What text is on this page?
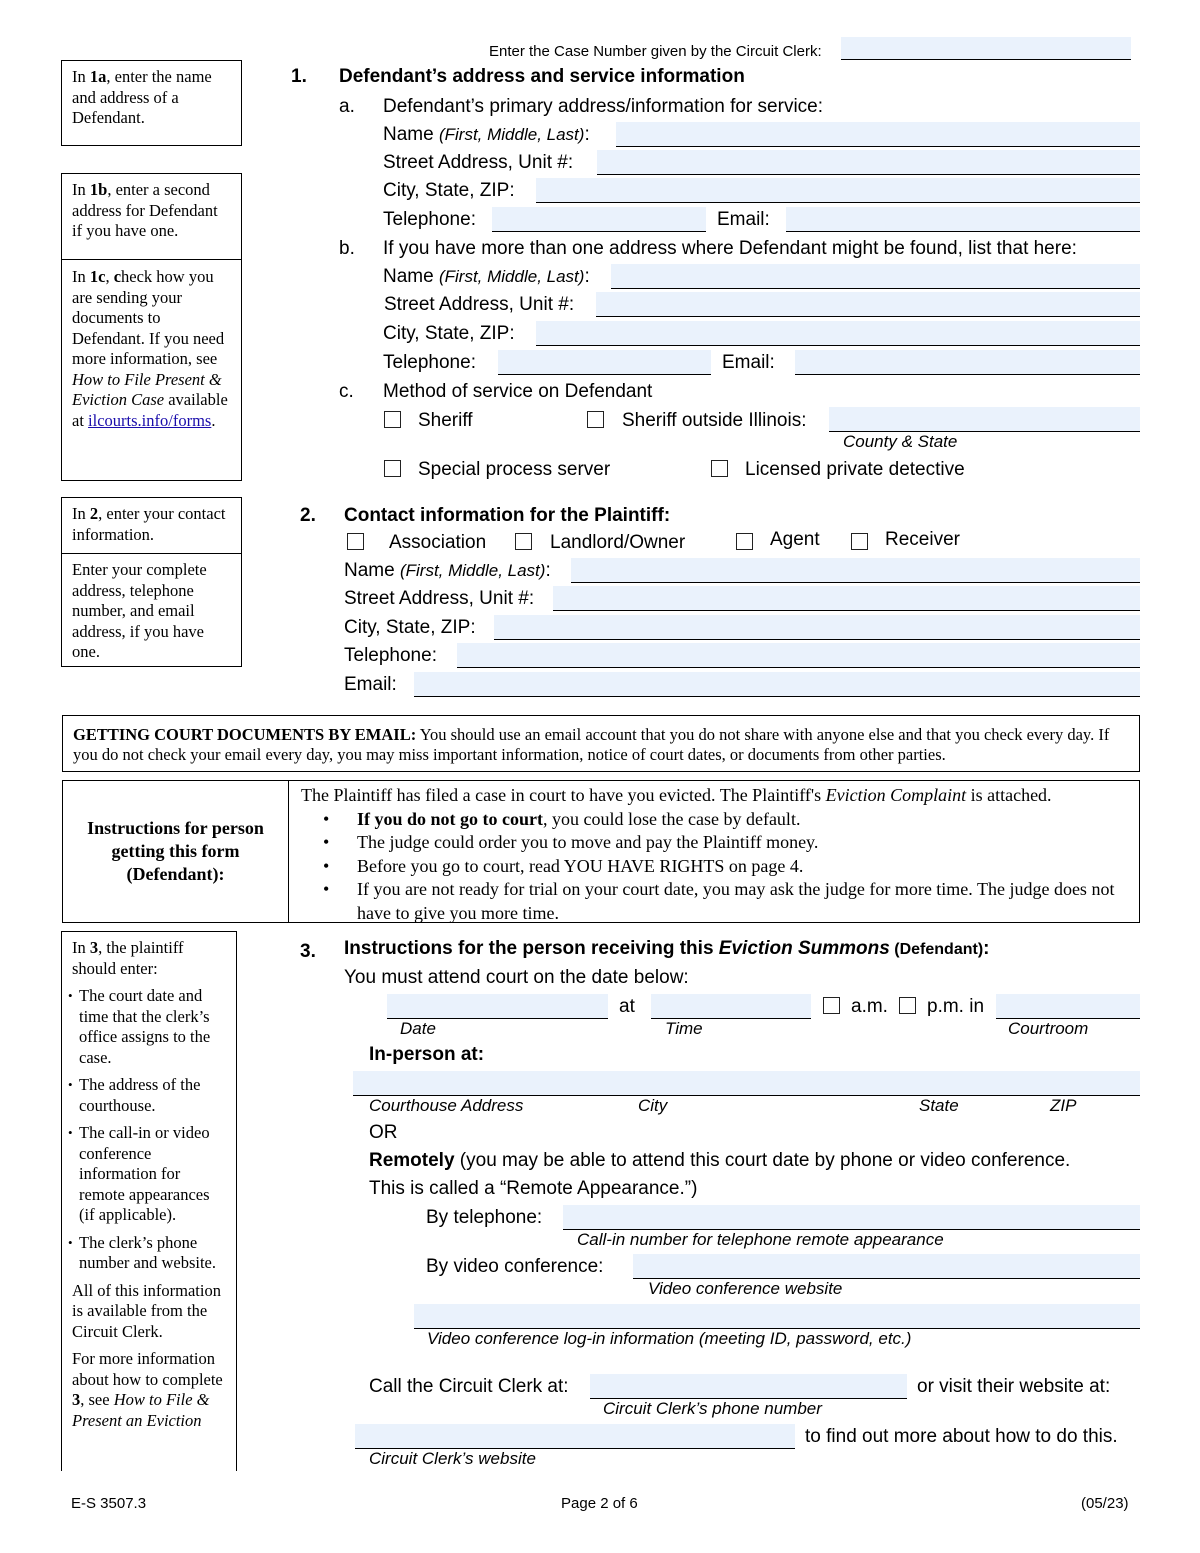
Enter the Case Number given by the Circuit Clerk:
In 1a, enter the name and address of a Defendant.
In 1b, enter a second address for Defendant if you have one.
In 1c, check how you are sending your documents to Defendant. If you need more information, see How to File Present & Eviction Case available at ilcourts.info/forms.
In 2, enter your contact information.
Enter your complete address, telephone number, and email address, if you have one.
In 3, the plaintiff should enter:
• The court date and time that the clerk’s office assigns to the case.
• The address of the courthouse.
• The call-in or video conference information for remote appearances (if applicable).
• The clerk’s phone number and website.
All of this information is available from the Circuit Clerk.
For more information about how to complete 3, see How to File & Present an Eviction
1. Defendant’s address and service information
a. Defendant’s primary address/information for service:
Name (First, Middle, Last):
Street Address, Unit #:
City, State, ZIP:
Telephone:	Email:
b. If you have more than one address where Defendant might be found, list that here:
Name (First, Middle, Last):
Street Address, Unit #:
City, State, ZIP:
Telephone:	Email:
c. Method of service on Defendant
Sheriff	Sheriff outside Illinois:
County & State
Special process server	Licensed private detective
2. Contact information for the Plaintiff:
Association	Landlord/Owner	Agent	Receiver
Name (First, Middle, Last):
Street Address, Unit #:
City, State, ZIP:
Telephone:
Email:
GETTING COURT DOCUMENTS BY EMAIL: You should use an email account that you do not share with anyone else and that you check every day. If you do not check your email every day, you may miss important information, notice of court dates, or documents from other parties.
Instructions for person getting this form (Defendant):
The Plaintiff has filed a case in court to have you evicted. The Plaintiff's Eviction Complaint is attached.
• If you do not go to court, you could lose the case by default.
• The judge could order you to move and pay the Plaintiff money.
• Before you go to court, read YOU HAVE RIGHTS on page 4.
• If you are not ready for trial on your court date, you may ask the judge for more time. The judge does not have to give you more time.
3. Instructions for the person receiving this Eviction Summons (Defendant):
You must attend court on the date below:
at	a.m. p.m. in
Date	Time	Courtroom
In-person at:
Courthouse Address	City	State	ZIP
OR
Remotely (you may be able to attend this court date by phone or video conference.
This is called a “Remote Appearance.”)
By telephone:
Call-in number for telephone remote appearance
By video conference:
Video conference website
Video conference log-in information (meeting ID, password, etc.)
Call the Circuit Clerk at:	or visit their website at:
Circuit Clerk’s phone number
to find out more about how to do this.
Circuit Clerk’s website
E-S 3507.3	Page 2 of 6	(05/23)
